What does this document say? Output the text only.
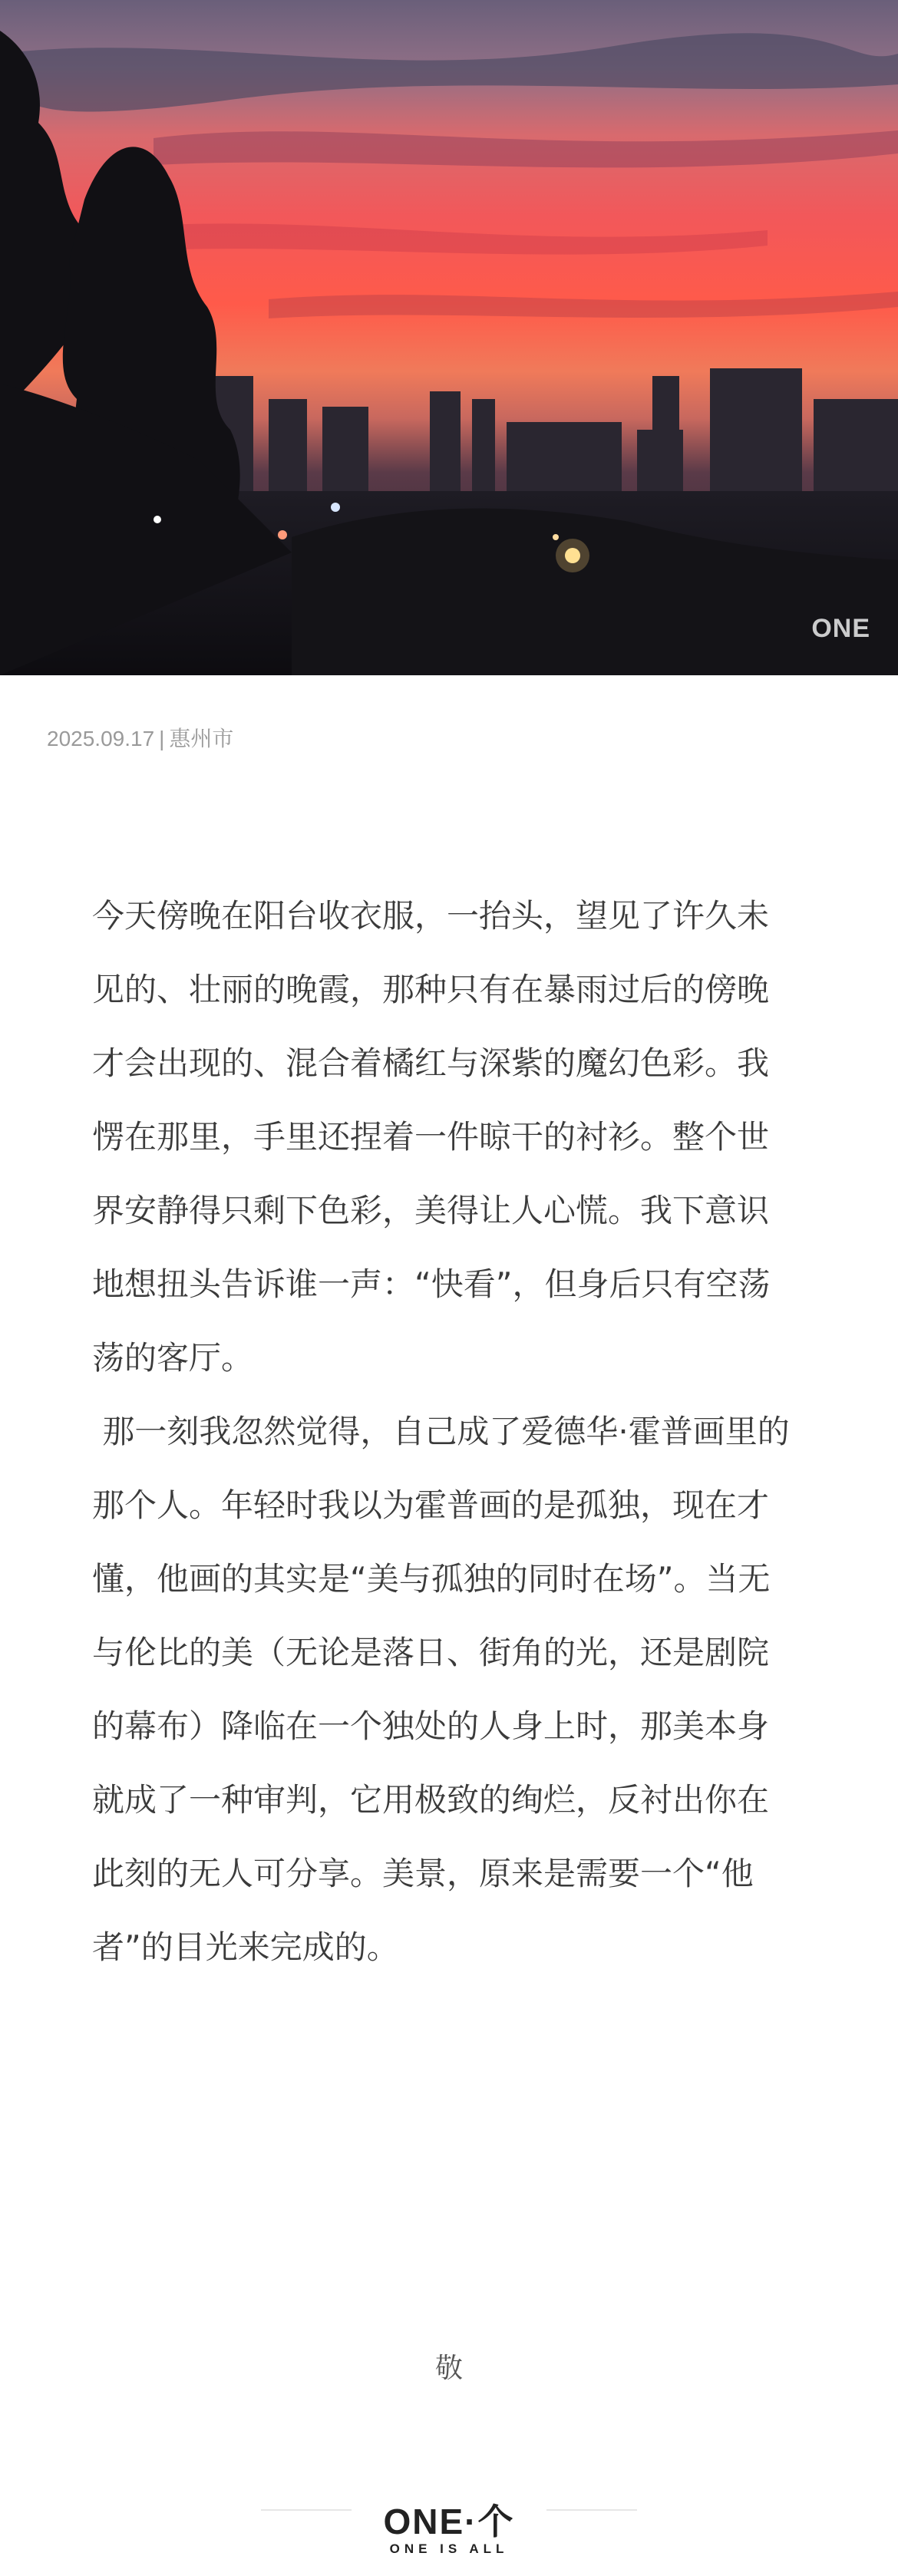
ONE
2025.09.17 | 惠州市

今天傍晚在阳台收衣服，一抬头，望见了许久未见的、壮丽的晚霞，那种只有在暴雨过后的傍晚才会出现的、混合着橘红与深紫的魔幻色彩。我愣在那里，手里还捏着一件晾干的衬衫。整个世界安静得只剩下色彩，美得让人心慌。我下意识地想扭头告诉谁一声：“快看”，但身后只有空荡荡的客厅。

那一刻我忽然觉得，自己成了爱德华·霍普画里的那个人。年轻时我以为霍普画的是孤独，现在才懂，他画的其实是“美与孤独的同时在场”。当无与伦比的美（无论是落日、街角的光，还是剧院的幕布）降临在一个独处的人身上时，那美本身就成了一种审判，它用极致的绚烂，反衬出你在此刻的无人可分享。美景，原来是需要一个“他者”的目光来完成的。

敬
ONE·个
ONE IS ALL
